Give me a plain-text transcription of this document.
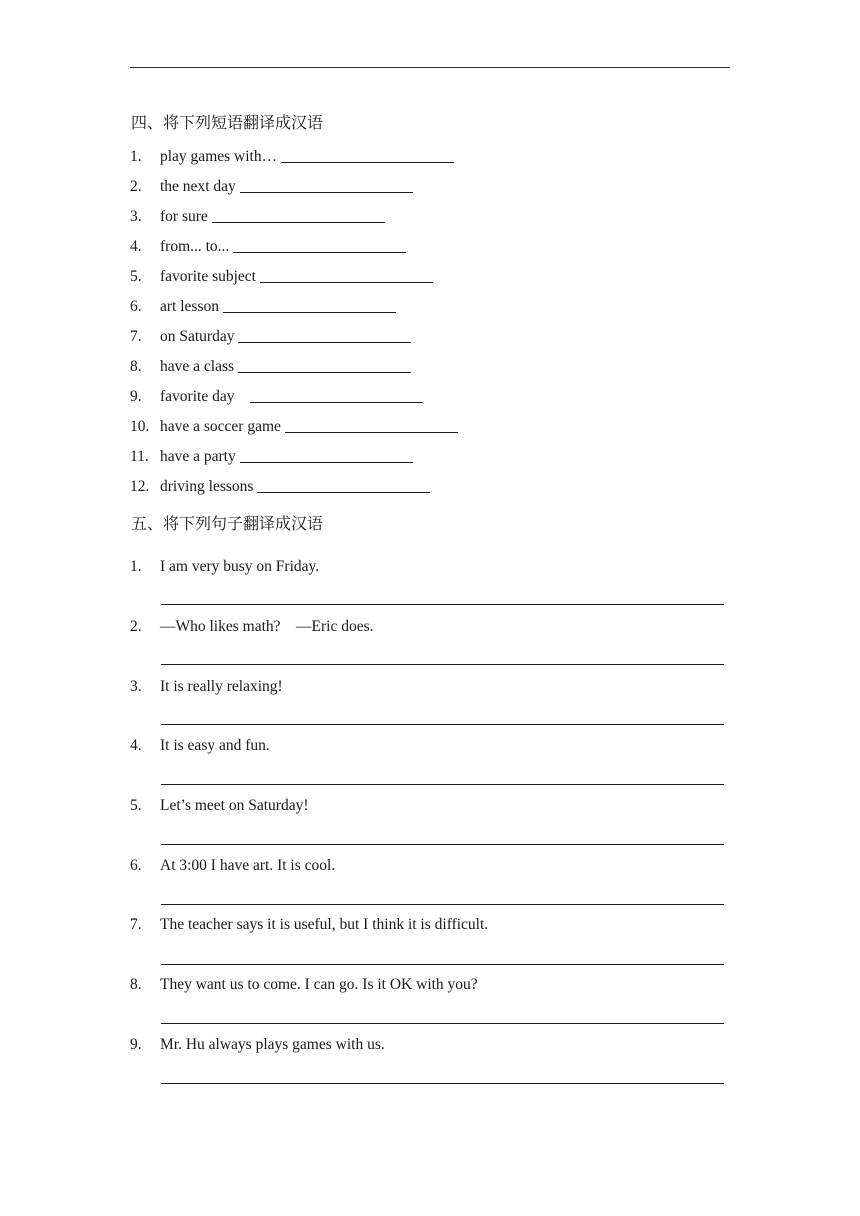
四、将下列短语翻译成汉语
1. play games with…
2. the next day
3. for sure
4. from... to...
5. favorite subject
6. art lesson
7. on Saturday
8. have a class
9. favorite day
10. have a soccer game
11. have a party
12. driving lessons
五、将下列句子翻译成汉语
1. I am very busy on Friday.
2. —Who likes math?    —Eric does.
3. It is really relaxing!
4. It is easy and fun.
5. Let’s meet on Saturday!
6. At 3:00 I have art. It is cool.
7. The teacher says it is useful, but I think it is difficult.
8. They want us to come. I can go. Is it OK with you?
9. Mr. Hu always plays games with us.
